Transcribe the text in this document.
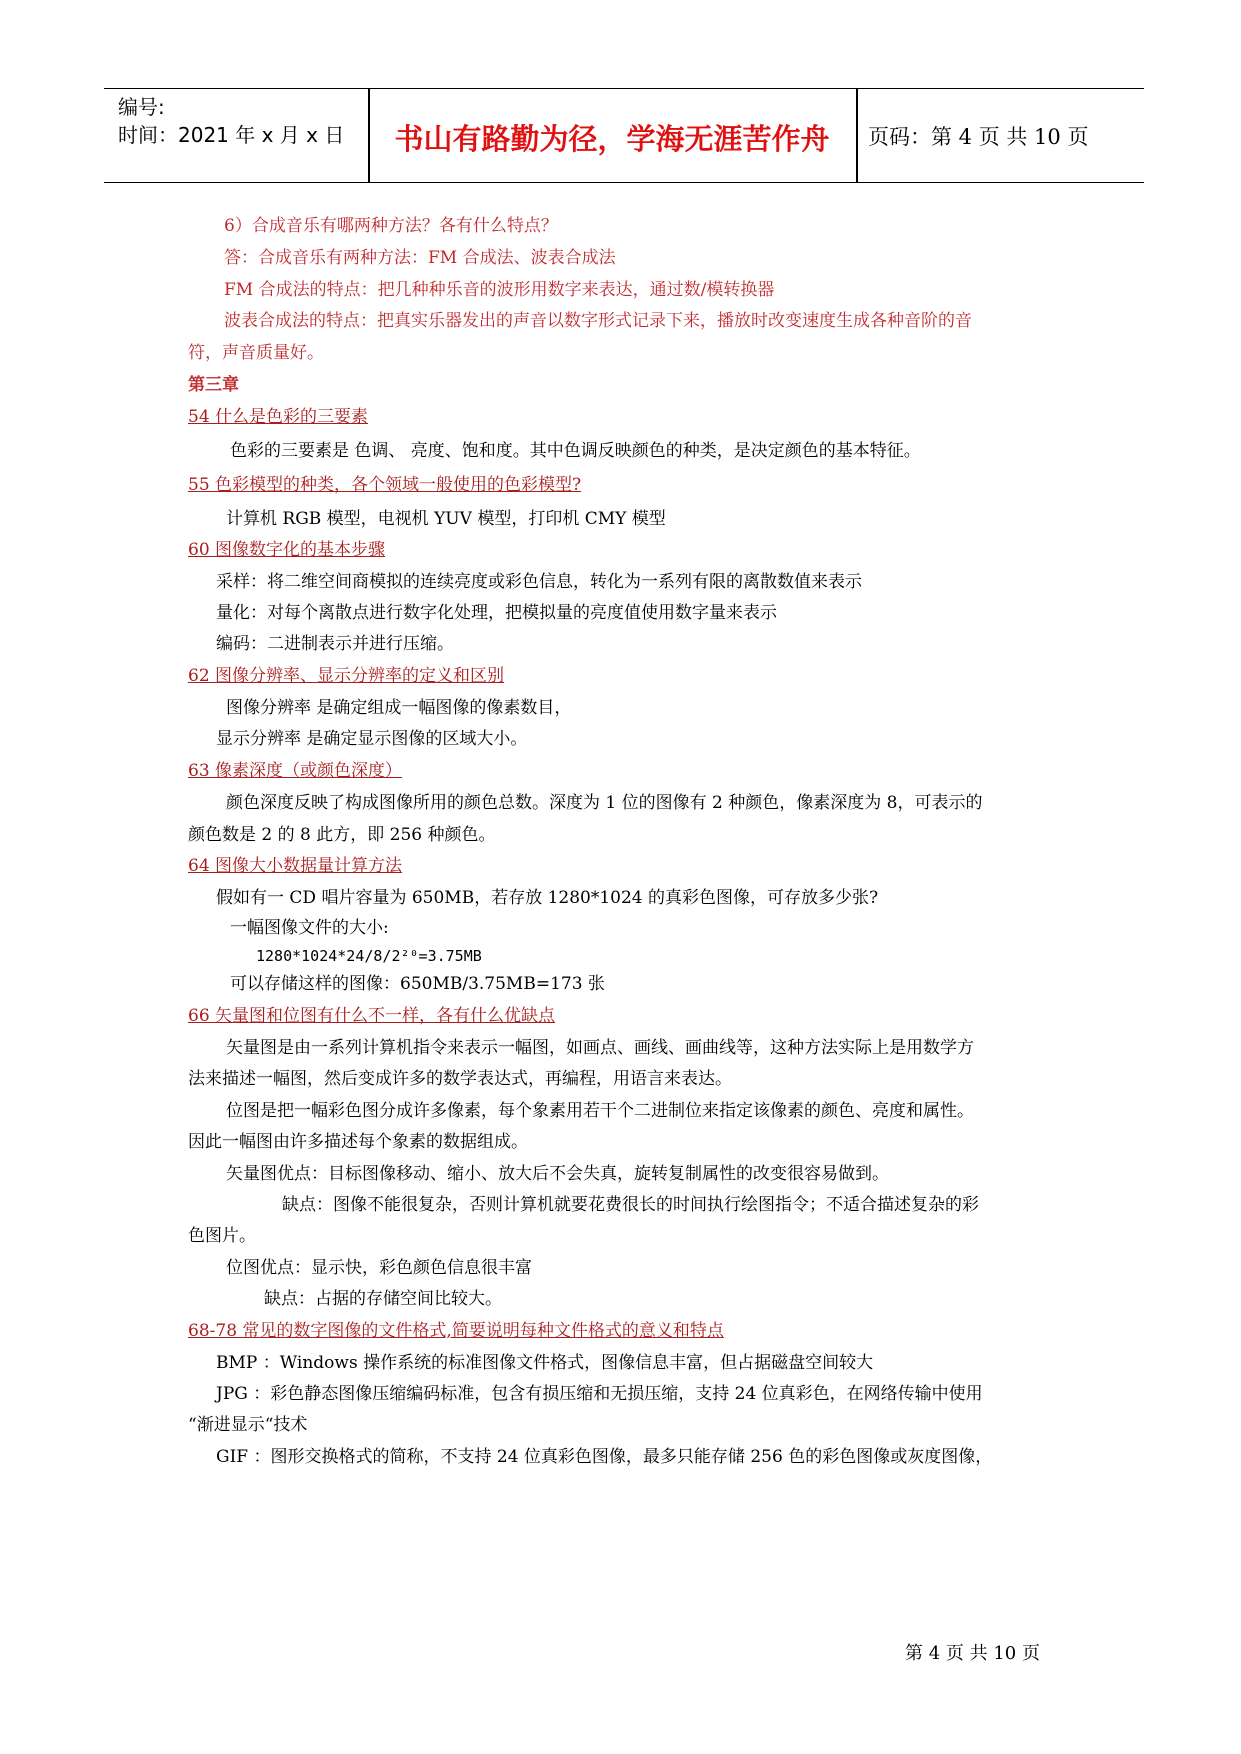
编号:
时间：2021 年 x 月 x 日	书山有路勤为径，学海无涯苦作舟	页码：第 4 页 共 10 页
6）合成音乐有哪两种方法？各有什么特点？
答：合成音乐有两种方法：FM 合成法、波表合成法
FM 合成法的特点：把几种种乐音的波形用数字来表达，通过数/模转换器
波表合成法的特点：把真实乐器发出的声音以数字形式记录下来，播放时改变速度生成各种音阶的音
符，声音质量好。
第三章
54 什么是色彩的三要素
色彩的三要素是 色调、 亮度、饱和度。其中色调反映颜色的种类，是决定颜色的基本特征。
55 色彩模型的种类，各个领域一般使用的色彩模型?
计算机 RGB 模型，电视机 YUV 模型，打印机 CMY 模型
60 图像数字化的基本步骤
采样：将二维空间商模拟的连续亮度或彩色信息，转化为一系列有限的离散数值来表示
量化：对每个离散点进行数字化处理，把模拟量的亮度值使用数字量来表示
编码：二进制表示并进行压缩。
62 图像分辨率、显示分辨率的定义和区别
图像分辨率 是确定组成一幅图像的像素数目，
显示分辨率 是确定显示图像的区域大小。
63 像素深度（或颜色深度）
颜色深度反映了构成图像所用的颜色总数。深度为 1 位的图像有 2 种颜色，像素深度为 8，可表示的
颜色数是 2 的 8 此方，即 256 种颜色。
64 图像大小数据量计算方法
假如有一 CD 唱片容量为 650MB，若存放 1280*1024 的真彩色图像，可存放多少张?
一幅图像文件的大小:
1280*1024*24/8/2²⁰=3.75MB
可以存储这样的图像：650MB/3.75MB=173 张
66 矢量图和位图有什么不一样，各有什么优缺点
矢量图是由一系列计算机指令来表示一幅图，如画点、画线、画曲线等，这种方法实际上是用数学方
法来描述一幅图，然后变成许多的数学表达式，再编程，用语言来表达。
位图是把一幅彩色图分成许多像素，每个象素用若干个二进制位来指定该像素的颜色、亮度和属性。
因此一幅图由许多描述每个象素的数据组成。
矢量图优点：目标图像移动、缩小、放大后不会失真，旋转复制属性的改变很容易做到。
缺点：图像不能很复杂，否则计算机就要花费很长的时间执行绘图指令；不适合描述复杂的彩
色图片。
位图优点：显示快，彩色颜色信息很丰富
缺点：占据的存储空间比较大。
68-78 常见的数字图像的文件格式,简要说明每种文件格式的意义和特点
BMP ：Windows 操作系统的标准图像文件格式，图像信息丰富，但占据磁盘空间较大
JPG ：彩色静态图像压缩编码标准，包含有损压缩和无损压缩，支持 24 位真彩色，在网络传输中使用
“渐进显示“技术
GIF ：图形交换格式的简称，不支持 24 位真彩色图像，最多只能存储 256 色的彩色图像或灰度图像，
第 4 页 共 10 页
